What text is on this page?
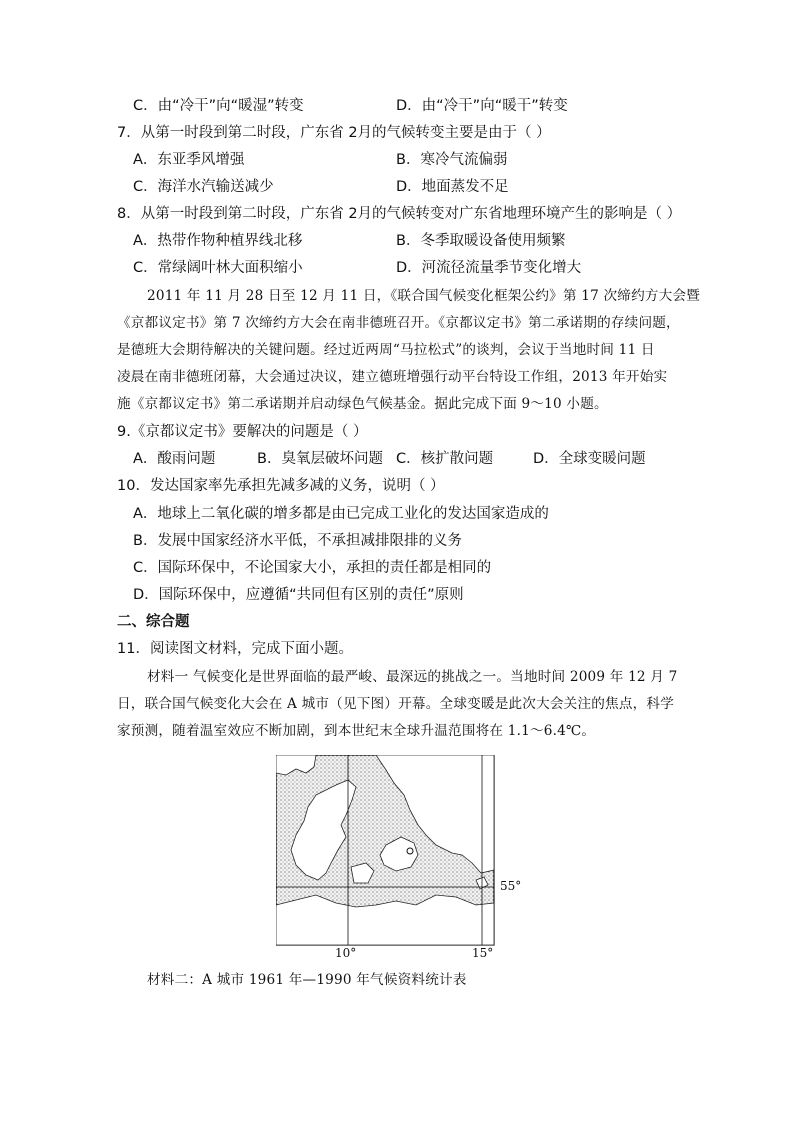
C．由“冷干”向“暖湿”转变	D．由“冷干”向“暖干”转变
7．从第一时段到第二时段，广东省 2月的气候转变主要是由于（ ）
A．东亚季风增强	B．寒冷气流偏弱
C．海洋水汽输送减少	D．地面蒸发不足
8．从第一时段到第二时段，广东省 2月的气候转变对广东省地理环境产生的影响是（ ）
A．热带作物种植界线北移	B．冬季取暖设备使用频繁
C．常绿阔叶林大面积缩小	D．河流径流量季节变化增大
2011 年 11 月 28 日至 12 月 11 日，《联合国气候变化框架公约》第 17 次缔约方大会暨
《京都议定书》第 7 次缔约方大会在南非德班召开。《京都议定书》第二承诺期的存续问题，
是德班大会期待解决的关键问题。经过近两周“马拉松式”的谈判，会议于当地时间 11 日
凌晨在南非德班闭幕，大会通过决议，建立德班增强行动平台特设工作组，2013 年开始实
施《京都议定书》第二承诺期并启动绿色气候基金。据此完成下面 9～10 小题。
9.《京都议定书》要解决的问题是（ ）
A．酸雨问题	B．臭氧层破坏问题 C．核扩散问题	D．全球变暖问题
10．发达国家率先承担先减多减的义务，说明（ ）
A．地球上二氧化碳的增多都是由已完成工业化的发达国家造成的
B．发展中国家经济水平低，不承担减排限排的义务
C．国际环保中，不论国家大小，承担的责任都是相同的
D．国际环保中，应遵循“共同但有区别的责任”原则
二、综合题
11．阅读图文材料，完成下面小题。
材料一 气候变化是世界面临的最严峻、最深远的挑战之一。当地时间 2009 年 12 月 7
日，联合国气候变化大会在 A 城市（见下图）开幕。全球变暖是此次大会关注的焦点，科学
家预测，随着温室效应不断加剧，到本世纪末全球升温范围将在 1.1～6.4℃。
55°
10°	15°
材料二：A 城市 1961 年—1990 年气候资料统计表
